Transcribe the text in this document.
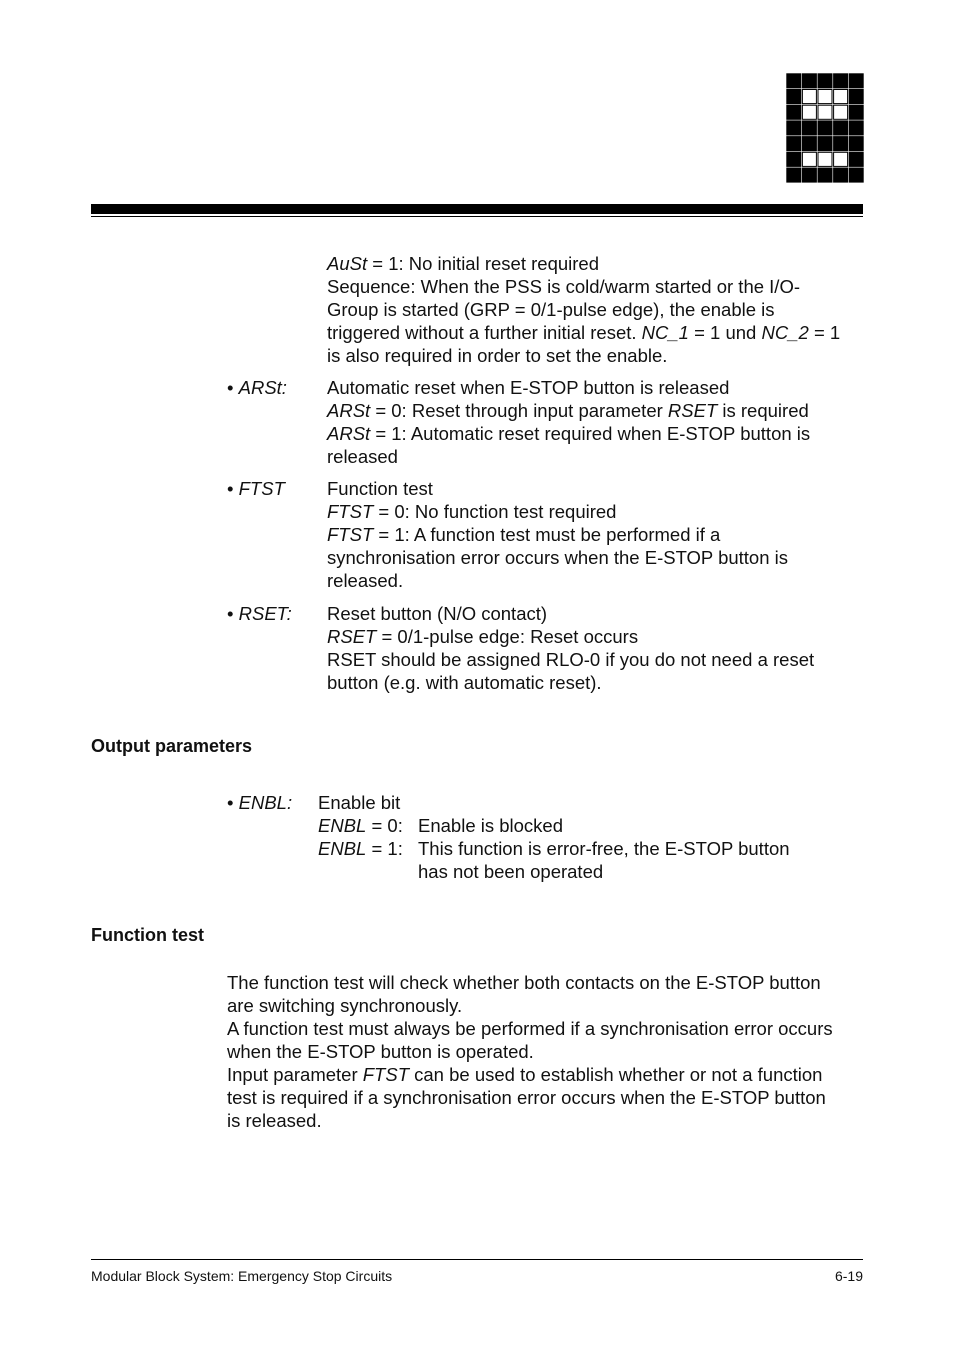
AuSt = 1: No initial reset required
Sequence: When the PSS is cold/warm started or the I/O-
Group is started (GRP = 0/1-pulse edge), the enable is
triggered without a further initial reset. NC_1 = 1 und NC_2 = 1
is also required in order to set the enable.
• ARSt: Automatic reset when E-STOP button is released
ARSt = 0: Reset through input parameter RSET is required
ARSt = 1: Automatic reset required when E-STOP button is
released
• FTST Function test
FTST = 0: No function test required
FTST = 1: A function test must be performed if a
synchronisation error occurs when the E-STOP button is
released.
• RSET: Reset button (N/O contact)
RSET = 0/1-pulse edge: Reset occurs
RSET should be assigned RLO-0 if you do not need a reset
button (e.g. with automatic reset).
Output parameters
• ENBL: Enable bit
ENBL = 0: Enable is blocked
ENBL = 1: This function is error-free, the E-STOP button
has not been operated
Function test
The function test will check whether both contacts on the E-STOP button
are switching synchronously.
A function test must always be performed if a synchronisation error occurs
when the E-STOP button is operated.
Input parameter FTST can be used to establish whether or not a function
test is required if a synchronisation error occurs when the E-STOP button
is released.
Modular Block System: Emergency Stop Circuits	6-19
